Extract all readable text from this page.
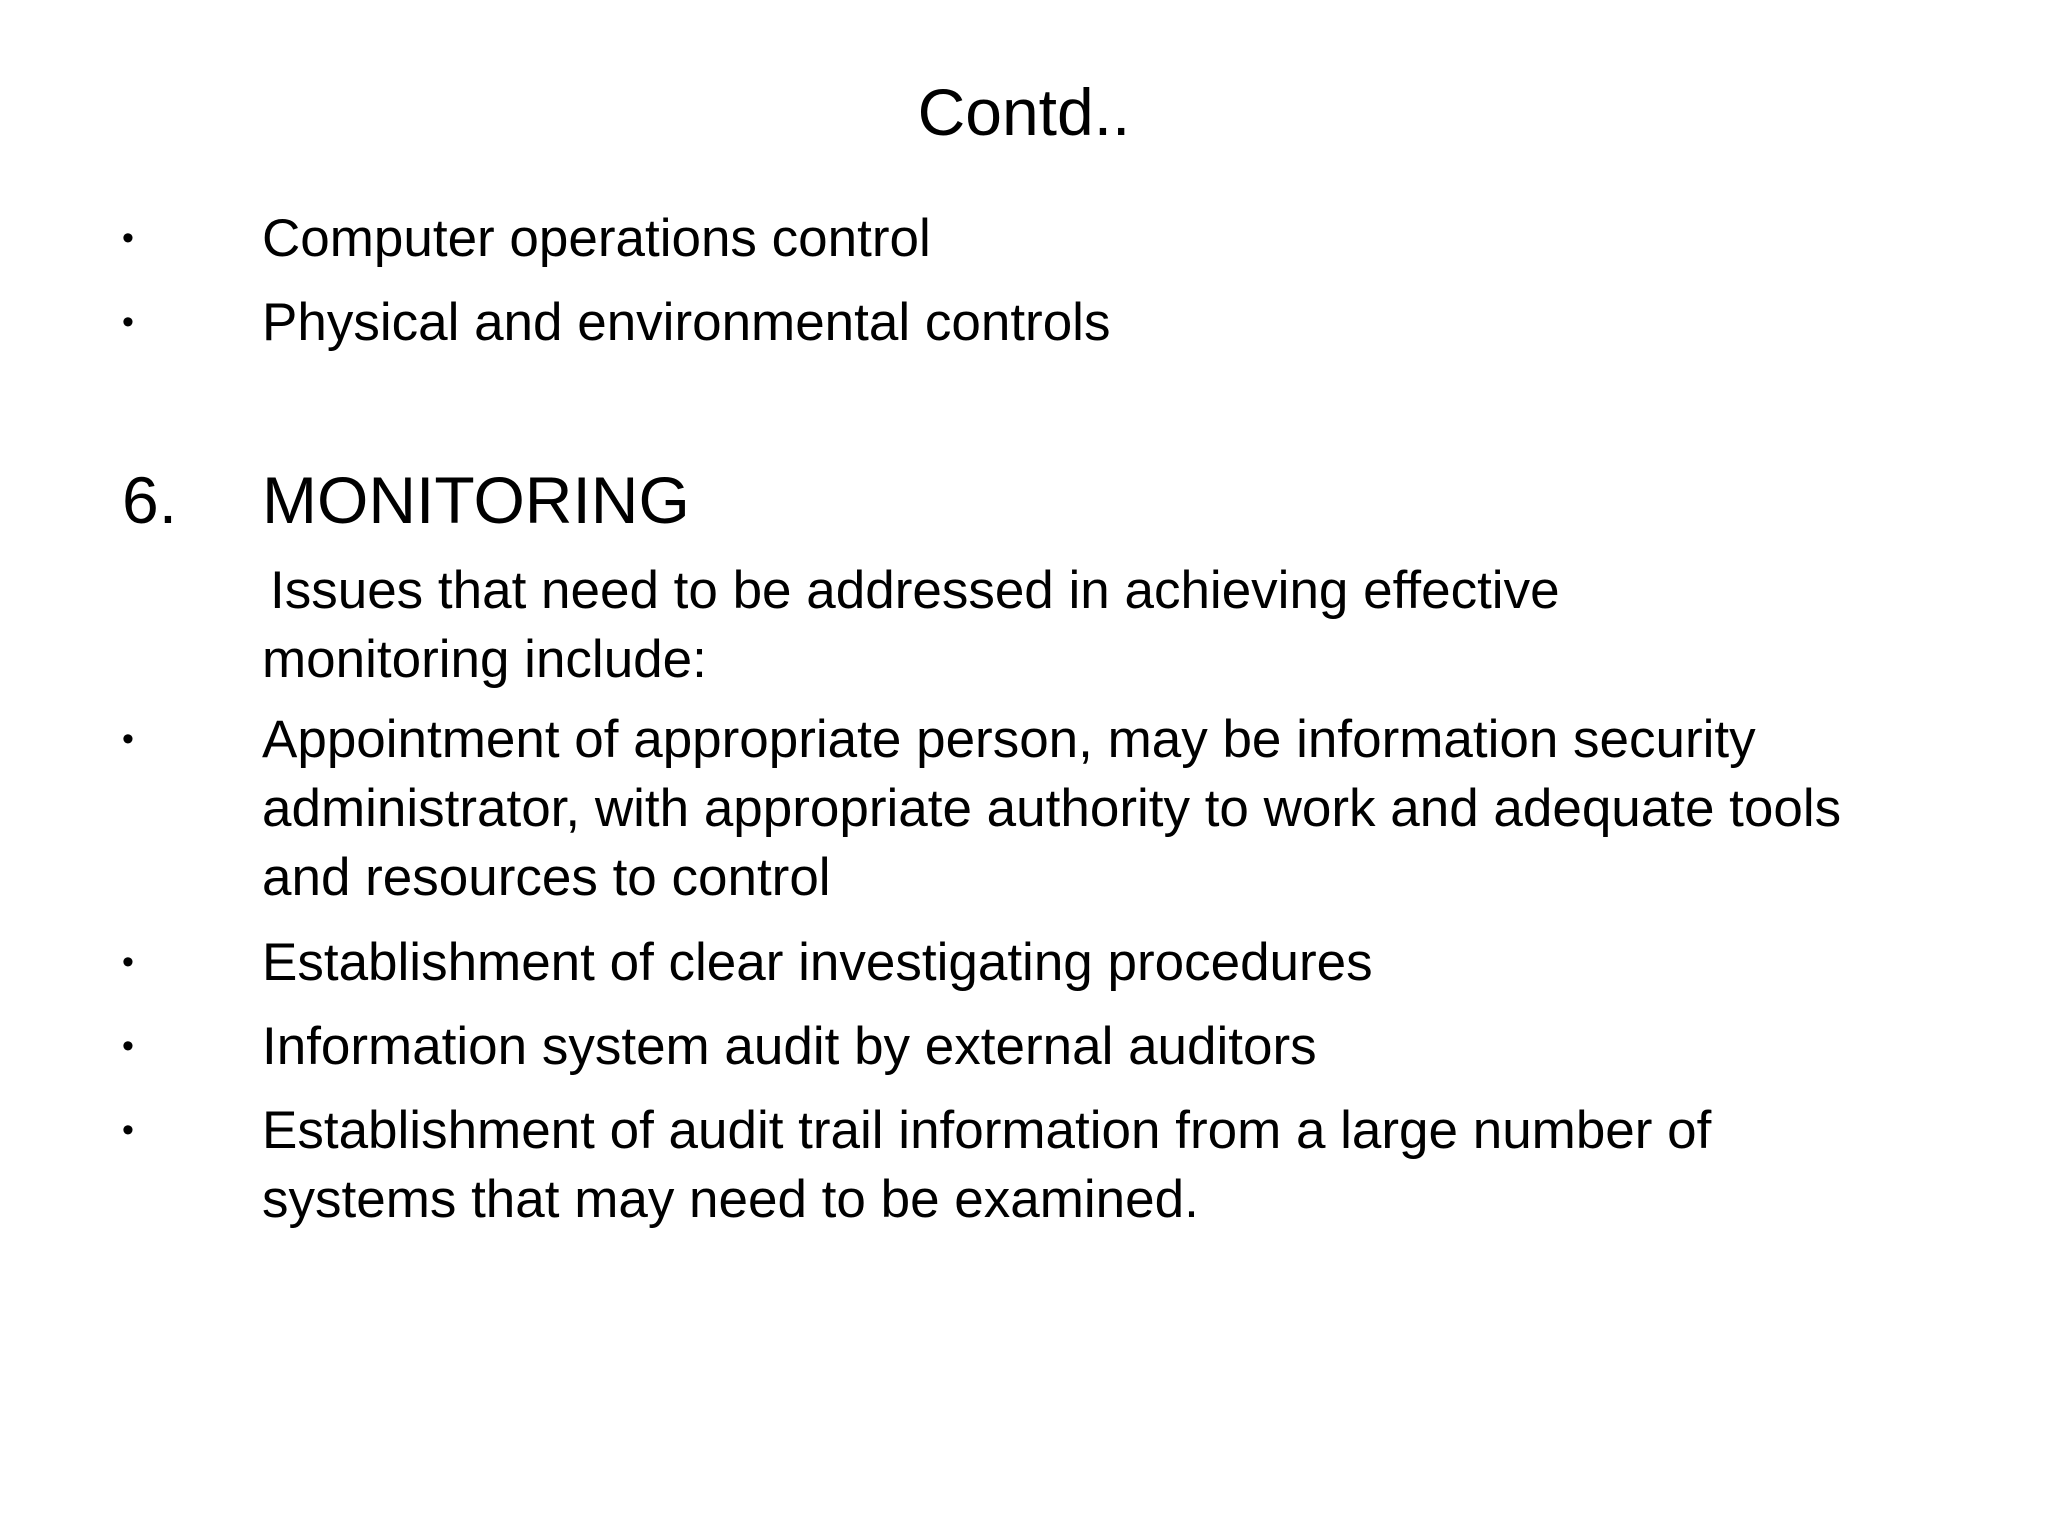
Contd..
• Computer operations control
• Physical and environmental controls
6. MONITORING
Issues that need to be addressed in achieving effective monitoring include:
• Appointment of appropriate person, may be information security administrator, with appropriate authority to work and adequate tools and resources to control
• Establishment of clear investigating procedures
• Information system audit by external auditors
• Establishment of audit trail information from a large number of systems that may need to be examined.
